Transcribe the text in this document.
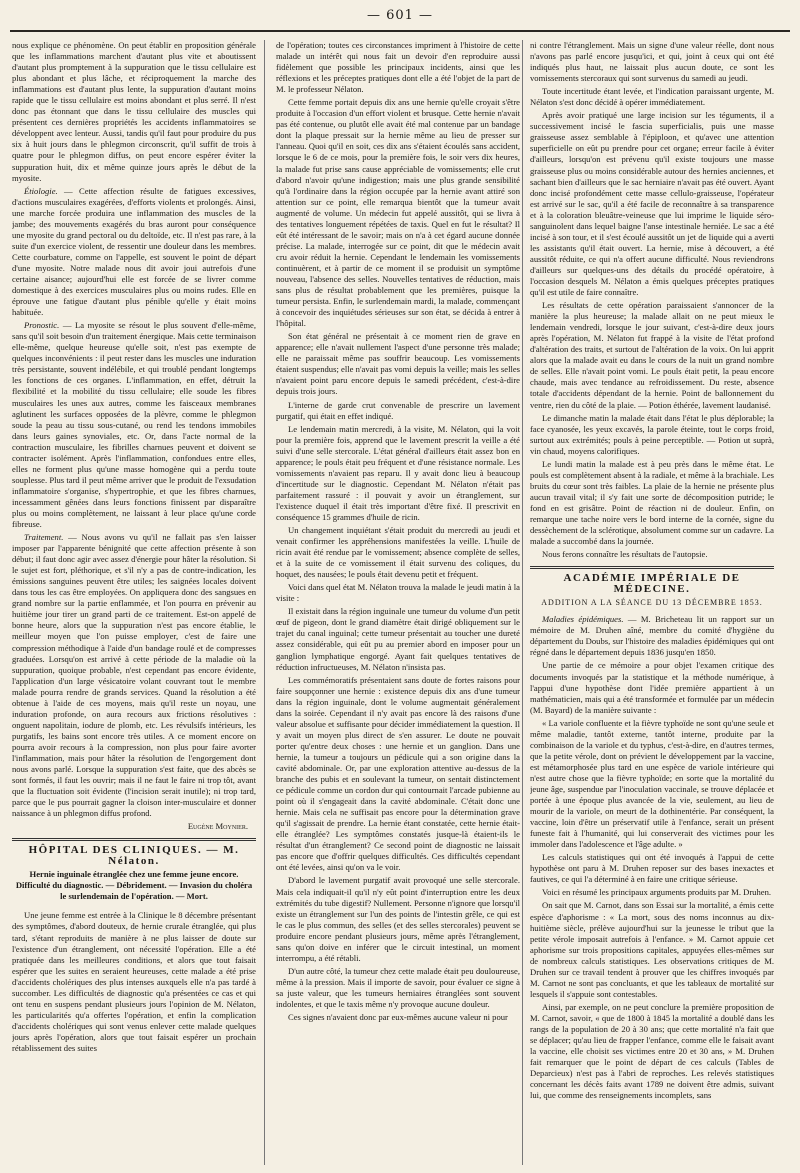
— 601 —

nous explique ce phénomène. On peut établir en proposition générale que les inflammations marchent d'autant plus vite et aboutissent d'autant plus promptement à la suppuration que le tissu cellulaire est plus abondant et plus lâche, et réciproquement la marche des inflammations est d'autant plus lente, la suppuration d'autant moins rapide que le tissu cellulaire est moins abondant et plus serré. Il n'est donc pas étonnant que dans le tissu cellulaire des muscles qui présentent ces dernières propriétés les accidents inflammatoires se développent avec lenteur. Aussi, tandis qu'il faut pour produire du pus six à huit jours dans le phlegmon circonscrit, qu'il suffit de trois à quatre pour le phlegmon diffus, on peut encore espérer éviter la suppuration huit, dix et même quinze jours après le début de la myosite.

Étiologie. — Cette affection résulte de fatigues excessives, d'actions musculaires exagérées, d'efforts violents et prolongés. Ainsi, une marche forcée produira une inflammation des muscles de la jambe; des mouvements exagérés du bras auront pour conséquence une myosite du grand pectoral ou du deltoïde, etc. Il n'est pas rare, à la suite d'un exercice violent, de ressentir une douleur dans les membres. Cette courbature, comme on l'appelle, est souvent le point de départ d'une myosite. Notre malade nous dit avoir joui autrefois d'une certaine aisance; aujourd'hui elle est forcée de se livrer comme domestique à des exercices musculaires plus ou moins rudes. Elle en éprouve une fatigue d'autant plus pénible qu'elle y était moins habituée.

Pronostic. — La myosite se résout le plus souvent d'elle-même, sans qu'il soit besoin d'un traitement énergique. Mais cette terminaison elle-même, quelque heureuse qu'elle soit, n'est pas exempte de quelques inconvénients : il peut rester dans les muscles une induration très persistante, souvent indélébile, et qui troublé pendant longtemps les fonctions de ces organes. L'inflammation, en effet, détruit la flexibilité et la mobilité du tissu cellulaire; elle soude les fibres musculaires les unes aux autres, comme les faisceaux membranes aglutinent les surfaces opposées de la plèvre, comme le phlegmon soude la peau au tissu sous-cutané, ou rend les tendons immobiles dans leurs gaines synoviales, etc. Or, dans l'acte normal de la contraction musculaire, les fibrilles charnues peuvent et doivent se contracter isolément. Après l'inflammation, confondues entre elles, elles ne forment plus qu'une masse homogène qui a perdu toute souplesse. Plus tard il peut même arriver que le produit de l'exsudation inflammatoire s'organise, s'hypertrophie, et que les fibres charnues, incessamment gênées dans leurs fonctions finissent par disparaître plus ou moins complètement, ne laissant à leur place qu'une corde fibreuse.

Traitement. — Nous avons vu qu'il ne fallait pas s'en laisser imposer par l'apparente bénignité que cette affection présente à son début; il faut donc agir avec assez d'énergie pour hâter la résolution. Si le sujet est fort, pléthorique, et s'il n'y a pas de contre-indication, les émissions sanguines peuvent être utiles; les saignées locales doivent dans tous les cas être employées. On appliquera donc des sangsues en grand nombre sur la partie enflammée, et l'on pourra en prévenir au huitième jour tirer un grand parti de ce traitement. Est-on appelé de bonne heure, alors que la suppuration n'est pas encore établie, le meilleur moyen que l'on puisse employer, c'est de faire une compression méthodique à l'aide d'un bandage roulé et de compresses graduées. Lorsqu'on est arrivé à cette période de la maladie où la suppuration, quoique probable, n'est cependant pas encore évidente, l'application d'un large vésicatoire volant couvrant tout le membre malade pourra rendre de grands services. Quand la résolution a été obtenue à l'aide de ces moyens, mais qu'il reste un noyau, une induration profonde, on aura recours aux frictions résolutives : onguent napolitain, iodure de plomb, etc. Les révulsifs intérieurs, les purgatifs, les bains sont encore très utiles. A ce moment encore on pourra avoir recours à la compression, non plus pour faire avorter l'inflammation, mais pour hâter la résolution de l'engorgement dont nous avons parlé. Lorsque la suppuration s'est faite, que des abcès se sont formés, il faut les ouvrir; mais il ne faut le faire ni trop tôt, avant que la fluctuation soit évidente (l'incision serait inutile); ni trop tard, parce que le pus pourrait gagner la cloison inter-musculaire et donner naissance à un phlegmon diffus profond.

Eugène Moynier.
HÔPITAL DES CLINIQUES. — M. Nélaton.
Hernie inguinale étranglée chez une femme jeune encore. Difficulté du diagnostic. — Débridement. — Invasion du choléra le surlendemain de l'opération. — Mort.

Une jeune femme est entrée à la Clinique le 8 décembre présentant des symptômes, d'abord douteux, de hernie crurale étranglée, qui plus tard, s'étant reproduits de manière à ne plus laisser de doute sur l'existence d'un étranglement, ont nécessité l'opération. Elle a été pratiquée dans les meilleures conditions, et alors que tout faisait espérer que les suites en seraient heureuses, cette malade a été prise d'accidents cholériques des plus intenses auxquels elle n'a pas tardé à succomber. Les difficultés de diagnostic qu'a présentées ce cas et qui ont tenu en suspens pendant plusieurs jours l'opinion de M. Nélaton, les particularités qu'a offertes l'opération, et enfin la complication d'accidents cholériques qui sont venus enlever cette malade quelques jours après l'opération, alors que tout faisait espérer un prochain rétablissement des suites

de l'opération; toutes ces circonstances impriment à l'histoire de cette malade un intérêt qui nous fait un devoir d'en reproduire aussi fidèlement que possible les principaux incidents, ainsi que les réflexions et les préceptes pratiques dont elle a été l'objet de la part de M. le professeur Nélaton.

Cette femme portait depuis dix ans une hernie qu'elle croyait s'être produite à l'occasion d'un effort violent et brusque. Cette hernie n'avait pas été contenue, ou plutôt elle avait été mal contenue par un bandage dont la plaque pressait sur la hernie même au lieu de presser sur l'anneau. Quoi qu'il en soit, ces dix ans s'étaient écoulés sans accident, lorsque le 6 de ce mois, pour la première fois, le soir vers dix heures, la malade fut prise sans cause appréciable de vomissements; elle crut d'abord n'avoir qu'une indigestion; mais une plus grande sensibilité qu'à l'ordinaire dans la région occupée par la hernie avant attiré son attention sur ce point, elle remarqua bientôt que la tumeur avait augmenté de volume. Un médecin fut appelé aussitôt, qui se livra à des tentatives longuement répétées de taxis. Quel en fut le résultat? Il eût été intéressant de le savoir; mais on n'a à cet égard aucune donnée précise. La malade, interrogée sur ce point, dit que le médecin avait cru avoir réduit la hernie. Cependant le lendemain les vomissements continuèrent, et à partir de ce moment il se produisit un symptôme nouveau, l'absence des selles. Nouvelles tentatives de réduction, mais sans plus de résultat probablement que les premières, puisque la tumeur persista. Enfin, le surlendemain mardi, la malade, commençant à concevoir des inquiétudes sérieuses sur son état, se décida à entrer à l'hôpital.

Son état général ne présentait à ce moment rien de grave en apparence; elle n'avait nullement l'aspect d'une personne très malade; elle ne paraissait même pas souffrir beaucoup. Les vomissements étaient suspendus; elle n'avait pas vomi depuis la veille; mais les selles n'avaient point paru encore depuis le samedi précédent, c'est-à-dire depuis trois jours.

L'interne de garde crut convenable de prescrire un lavement purgatif, qui était en effet indiqué.

Le lendemain matin mercredi, à la visite, M. Nélaton, qui la voit pour la première fois, apprend que le lavement prescrit la veille a été suivi d'une selle stercorale. L'état général d'ailleurs était assez bon en apparence; le pouls était peu fréquent et d'une résistance normale. Les vomissements n'avaient pas reparu. Il y avait donc lieu à beaucoup d'incertitude sur le diagnostic. Cependant M. Nélaton n'était pas parfaitement rassuré : il pouvait y avoir un étranglement, sur l'existence duquel il était très important d'être fixé. Il prescrivit en conséquence 15 grammes d'huile de ricin.

Un changement inquiétant s'était produit du mercredi au jeudi et venait confirmer les appréhensions manifestées la veille. L'huile de ricin avait été rendue par le vomissement; absence complète de selles, et à la suite de ce vomissement il était survenu des coliques, du hoquet, des nausées; le pouls était devenu petit et fréquent.

Voici dans quel état M. Nélaton trouva la malade le jeudi matin à la visite :

Il existait dans la région inguinale une tumeur du volume d'un petit œuf de pigeon, dont le grand diamètre était dirigé obliquement sur le trajet du canal inguinal; cette tumeur présentait au toucher une dureté assez considérable, qui eût pu au premier abord en imposer pour un ganglion lymphatique engorgé. Ayant fait quelques tentatives de réduction infructueuses, M. Nélaton n'insista pas.

Les commémoratifs présentaient sans doute de fortes raisons pour faire soupçonner une hernie : existence depuis dix ans d'une tumeur dans la région inguinale, dont le volume augmentait généralement dans la soirée. Cependant il n'y avait pas encore là des raisons d'une valeur absolue et suffisante pour décider immédiatement la question. Il y avait un moyen plus direct de s'en assurer. Le doute ne pouvait porter qu'entre deux choses : une hernie et un ganglion. Dans une hernie, la tumeur a toujours un pédicule qui a son origine dans la cavité abdominale. Or, par une exploration attentive au-dessus de la branche des pubis et en soulevant la tumeur, on sentait distinctement ce pédicule comme un cordon dur qui contournait l'arcade pubienne au point où il s'engageait dans la cavité abdominale. C'était donc une hernie. Mais cela ne suffisait pas encore pour la détermination grave qu'il s'agissait de prendre. La hernie étant constatée, cette hernie était-elle étranglée? Les symptômes constatés jusque-là étaient-ils le résultat d'un étranglement? Ce second point de diagnostic ne laissait pas encore que d'offrir quelques difficultés. Ces difficultés cependant ont été levées, ainsi qu'on va le voir.

D'abord le lavement purgatif avait provoqué une selle stercorale. Mais cela indiquait-il qu'il n'y eût point d'interruption entre les deux extrémités du tube digestif? Nullement. Personne n'ignore que lorsqu'il existe un étranglement sur l'un des points de l'intestin grêle, ce qui est le cas le plus commun, des selles (et des selles stercorales) peuvent se produire encore pendant plusieurs jours, même après l'étranglement, sans qu'on doive en inférer que le circuit intestinal, un moment interrompu, a été rétabli.

D'un autre côté, la tumeur chez cette malade était peu douloureuse, même à la pression. Mais il importe de savoir, pour évaluer ce signe à sa juste valeur, que les tumeurs herniaires étranglées sont souvent indolentes, et que le taxis même n'y provoque aucune douleur.

Ces signes n'avaient donc par eux-mêmes aucune valeur ni pour

ni contre l'étranglement. Mais un signe d'une valeur réelle, dont nous n'avons pas parlé encore jusqu'ici, et qui, joint à ceux qui ont été indiqués plus haut, ne laissait plus aucun doute, ce sont les vomissements stercoraux qui sont survenus du samedi au jeudi.

Toute incertitude étant levée, et l'indication paraissant urgente, M. Nélaton s'est donc décidé à opérer immédiatement.

Après avoir pratiqué une large incision sur les téguments, il a successivement incisé le fascia superficialis, puis une masse graisseuse assez semblable à l'épiploon, et qu'avec une attention superficielle on eût pu prendre pour cet organe; erreur facile à éviter d'ailleurs, lorsqu'on est prévenu qu'il existe toujours une masse graisseuse plus ou moins considérable autour des hernies anciennes, et sachant bien d'ailleurs que le sac herniaire n'avait pas été ouvert. Ayant donc incisé profondément cette masse cellulo-graisseuse, l'opérateur est arrivé sur le sac, qu'il a été facile de reconnaître à sa transparence et à la coloration bleuâtre-veineuse que lui imprime le liquide séro-sanguinolent dans lequel baigne l'anse intestinale herniée. Le sac a été incisé à son tour, et il s'est écoulé aussitôt un jet de liquide qui a averti les assistants qu'il était ouvert. La hernie, mise à découvert, a été aussitôt réduite, ce qui n'a offert aucune difficulté. Nous reviendrons d'ailleurs sur quelques-uns des détails du procédé opératoire, à l'occasion desquels M. Nélaton a émis quelques préceptes pratiques qu'il est utile de faire connaître.

Les résultats de cette opération paraissaient s'annoncer de la manière la plus heureuse; la malade allait on ne peut mieux le lendemain vendredi, lorsque le jour suivant, c'est-à-dire deux jours après l'opération, M. Nélaton fut frappé à la visite de l'état profond d'altération des traits, et surtout de l'altération de la voix. On lui apprit alors que la malade avait eu dans le cours de la nuit un grand nombre de selles. Elle n'avait point vomi. Le pouls était petit, la peau encore chaude, mais avec tendance au refroidissement. Du reste, absence totale d'accidents dépendant de la hernie. Point de ballonnement du ventre, rien du côté de la plaie. — Potion éthérée, lavement laudanisé.

Le dimanche matin la malade était dans l'état le plus déplorable; la face cyanosée, les yeux excavés, la parole éteinte, tout le corps froid, surtout aux extrémités; pouls à peine perceptible. — Potion ut suprà, vin chaud, moyens calorifiques.

Le lundi matin la malade est à peu près dans le même état. Le pouls est complètement absent à la radiale, et même à la brachiale. Les bruits du cœur sont très faibles. La plaie de la hernie ne présente plus aucun travail vital; il s'y fait une sorte de décomposition putride; le fond en est grisâtre. Point de réaction ni de douleur. Enfin, on remarque une tache noire vers le bord interne de la cornée, signe du dessèchement de la sclérotique, absolument comme sur un cadavre. La malade a succombé dans la journée.

Nous ferons connaître les résultats de l'autopsie.

ACADÉMIE IMPÉRIALE DE MÉDECINE.
ADDITION A LA SÉANCE DU 13 DÉCEMBRE 1853.

Maladies épidémiques. — M. Bricheteau lit un rapport sur un mémoire de M. Druhen aîné, membre du comité d'hygiène du département du Doubs, sur l'histoire des maladies épidémiques qui ont régné dans le département depuis 1836 jusqu'en 1850.

Une partie de ce mémoire a pour objet l'examen critique des documents invoqués par la statistique et la méthode numérique, à l'appui d'une hypothèse dont l'idée première appartient à un mathématicien, mais qui a été transformée et formulée par un médecin (M. Bayard) de la manière suivante :

« La variole confluente et la fièvre typhoïde ne sont qu'une seule et même maladie, tantôt externe, tantôt interne, produite par la combinaison de la variole et du typhus, c'est-à-dire, en d'autres termes, que la petite vérole, dont on prévient le développement par la vaccine, est métamorphosée plus tard en une espèce de variole intérieure qui n'est autre chose que la fièvre typhoïde; en sorte que la mortalité du jeune âge, suspendue par l'inoculation vaccinale, se trouve déplacée et portée à une époque plus avancée de la vie, seulement, au lieu de mourir de la variole, on meurt de la dothinentérie. Par conséquent, la vaccine, loin d'être un préservatif utile à l'enfance, serait un présent funeste fait à l'humanité, qui lui conserverait des victimes pour les immoler dans l'adolescence et l'âge adulte. »

Les calculs statistiques qui ont été invoqués à l'appui de cette hypothèse ont paru à M. Druhen reposer sur des bases inexactes et fautives, ce qui l'a déterminé à en faire une critique sérieuse.

Voici en résumé les principaux arguments produits par M. Druhen.

On sait que M. Carnot, dans son Essai sur la mortalité, a émis cette espèce d'aphorisme : « La mort, sous des noms inconnus au dix-huitième siècle, prélève aujourd'hui sur la jeunesse le tribut que la petite vérole imposait autrefois à l'enfance. » M. Carnot appuie cet aphorisme sur trois propositions capitales, appuyées elles-mêmes sur de nombreux calculs statistiques. Les observations critiques de M. Druhen sur ce travail tendent à prouver que les chiffres invoqués par M. Carnot ne sont pas concluants, et que les tableaux de mortalité sur lesquels il s'appuie sont contestables.

Ainsi, par exemple, on ne peut conclure la première proposition de M. Carnot, savoir, « que de 1800 à 1845 la mortalité a doublé dans les rangs de la population de 20 à 30 ans; que cette mortalité n'a fait que se déplacer; qu'au lieu de frapper l'enfance, comme elle le faisait avant la vaccine, elle choisit ses victimes entre 20 et 30 ans, » M. Druhen fait remarquer que le point de départ de ces calculs (Tables de Deparcieux) n'est pas à l'abri de reproches. Les relevés statistiques concernant les décès faits avant 1789 ne doivent être admis, suivant lui, que comme des renseignements incomplets, sans
